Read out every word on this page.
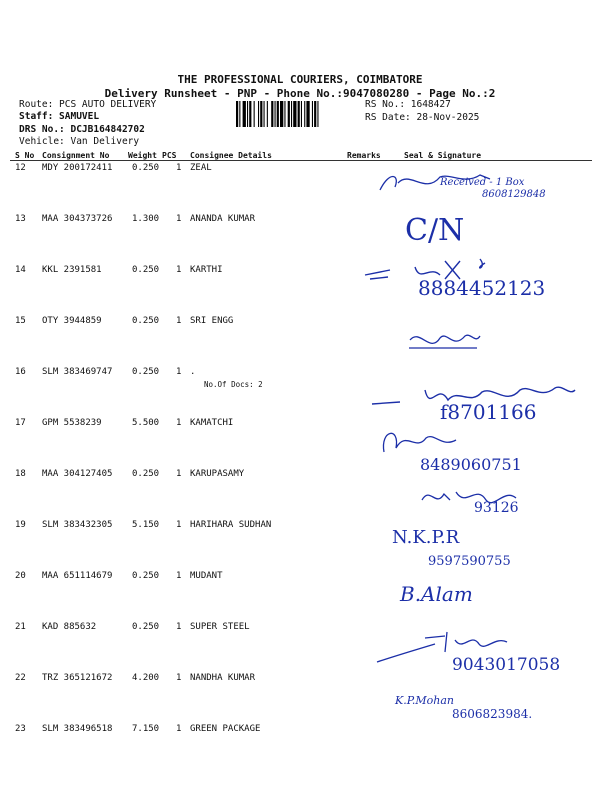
THE PROFESSIONAL COURIERS, COIMBATORE
Delivery Runsheet - PNP - Phone No.:9047080280 - Page No.:2
Route: PCS AUTO DELIVERY
Staff: SAMUVEL
DRS No.: DCJB164842702
Vehicle: Van Delivery
RS No.: 1648427
RS Date: 28-Nov-2025
S No Consignment No Weight PCS Consignee Details	Remarks	Seal & Signature
12 MDY 200172411 0.250 1 ZEAL
13 MAA 304373726 1.300 1 ANANDA KUMAR
14 KKL 2391581	0.250 1 KARTHI
15 OTY 3944859	0.250 1 SRI ENGG
16 SLM 383469747 0.250 1 .
No.Of Docs: 2
17 GPM 5538239	5.500 1 KAMATCHI
18 MAA 304127405 0.250 1 KARUPASAMY
19 SLM 383432305 5.150 1 HARIHARA SUDHAN
20 MAA 651114679 0.250 1 MUDANT
21 KAD 885632	0.250 1 SUPER STEEL
22 TRZ 365121672 4.200 1 NANDHA KUMAR
23 SLM 383496518 7.150 1 GREEN PACKAGE
Received - 1 Box
8608129848
C/N
8884452123
f8701166
8489060751
93126
N.K.P.R
9597590755
B.Alam
9043017058
K.P.Mohan
8606823984.
